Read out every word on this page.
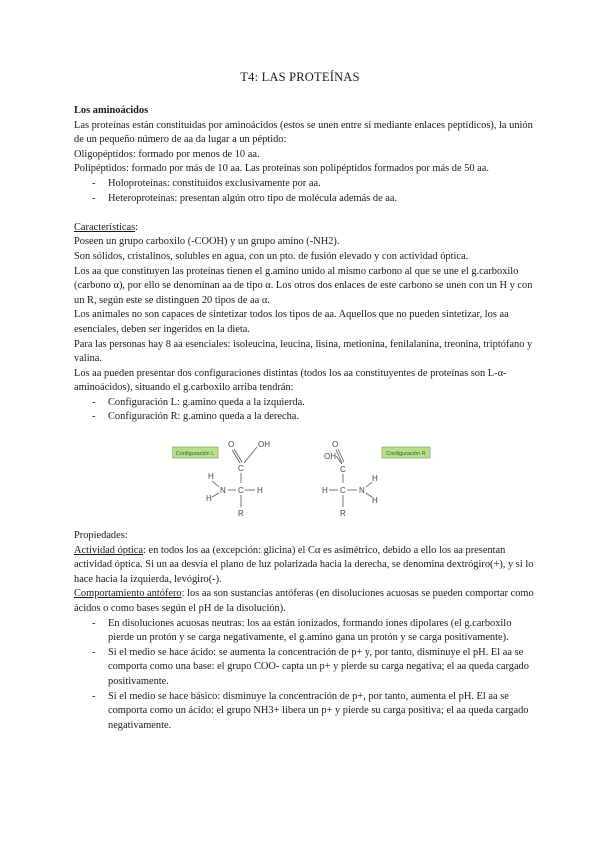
T4: LAS PROTEÍNAS

Los aminoácidos

Las proteínas están constituidas por aminoácidos (estos se unen entre sí mediante enlaces peptídicos), la unión de un pequeño número de aa da lugar a un péptido:

Oligopéptidos: formado por menos de 10 aa.

Polipéptidos: formado por más de 10 aa. Las proteínas son polipéptidos formados por más de 50 aa.

- Holoproteínas: constituidos exclusivamente por aa.
- Heteroproteínas: presentan algún otro tipo de molécula además de aa.

Características:

Poseen un grupo carboxilo (-COOH) y un grupo amino (-NH2).

Son sólidos, cristalinos, solubles en agua, con un pto. de fusión elevado y con actividad óptica.

Los aa que constituyen las proteínas tienen el g.amino unido al mismo carbono al que se une el g.carboxilo (carbono α), por ello se denominan aa de tipo α. Los otros dos enlaces de este carbono se unen con un H y con un R, según este se distinguen 20 tipos de aa α.

Los animales no son capaces de sintetizar todos los tipos de aa. Aquellos que no pueden sintetizar, los aa esenciales, deben ser ingeridos en la dieta.

Para las personas hay 8 aa esenciales: isoleucina, leucina, lisina, metionina, fenilalanina, treonina, triptófano y valina.

Los aa pueden presentar dos configuraciones distintas (todos los aa constituyentes de proteínas son L-α-aminoácidos), situando el g.carboxilo arriba tendrán:

- Configuración L: g.amino queda a la izquierda.
- Configuración R: g.amino queda a la derecha.
Configuración L
O	OH
C
H
N C H
H
R
O
OH
C
H C N
H
H
R
Configuración R

Propiedades:

Actividad óptica: en todos los aa (excepción: glicina) el Cα es asimétrico, debido a ello los aa presentan actividad óptica. Si un aa desvía el plano de luz polarizada hacia la derecha, se denomina dextrógiro(+), y si lo hace hacia la izquierda, levógiro(-).

Comportamiento antófero: los aa son sustancias antóferas (en disoluciones acuosas se pueden comportar como ácidos o como bases según el pH de la disolución).

- En disoluciones acuosas neutras: los aa están ionizados, formando iones dipolares (el g.carboxilo pierde un protón y se carga negativamente, el g.amino gana un protón y se carga positivamente).
- Si el medio se hace ácido: se aumenta la concentración de p+ y, por tanto, disminuye el pH. El aa se comporta como una base: el grupo COO- capta un p+ y pierde su carga negativa; el aa queda cargado positivamente.
- Si el medio se hace básico: disminuye la concentración de p+, por tanto, aumenta el pH. El aa se comporta como un ácido: el grupo NH3+ libera un p+ y pierde su carga positiva; el aa queda cargado negativamente.
